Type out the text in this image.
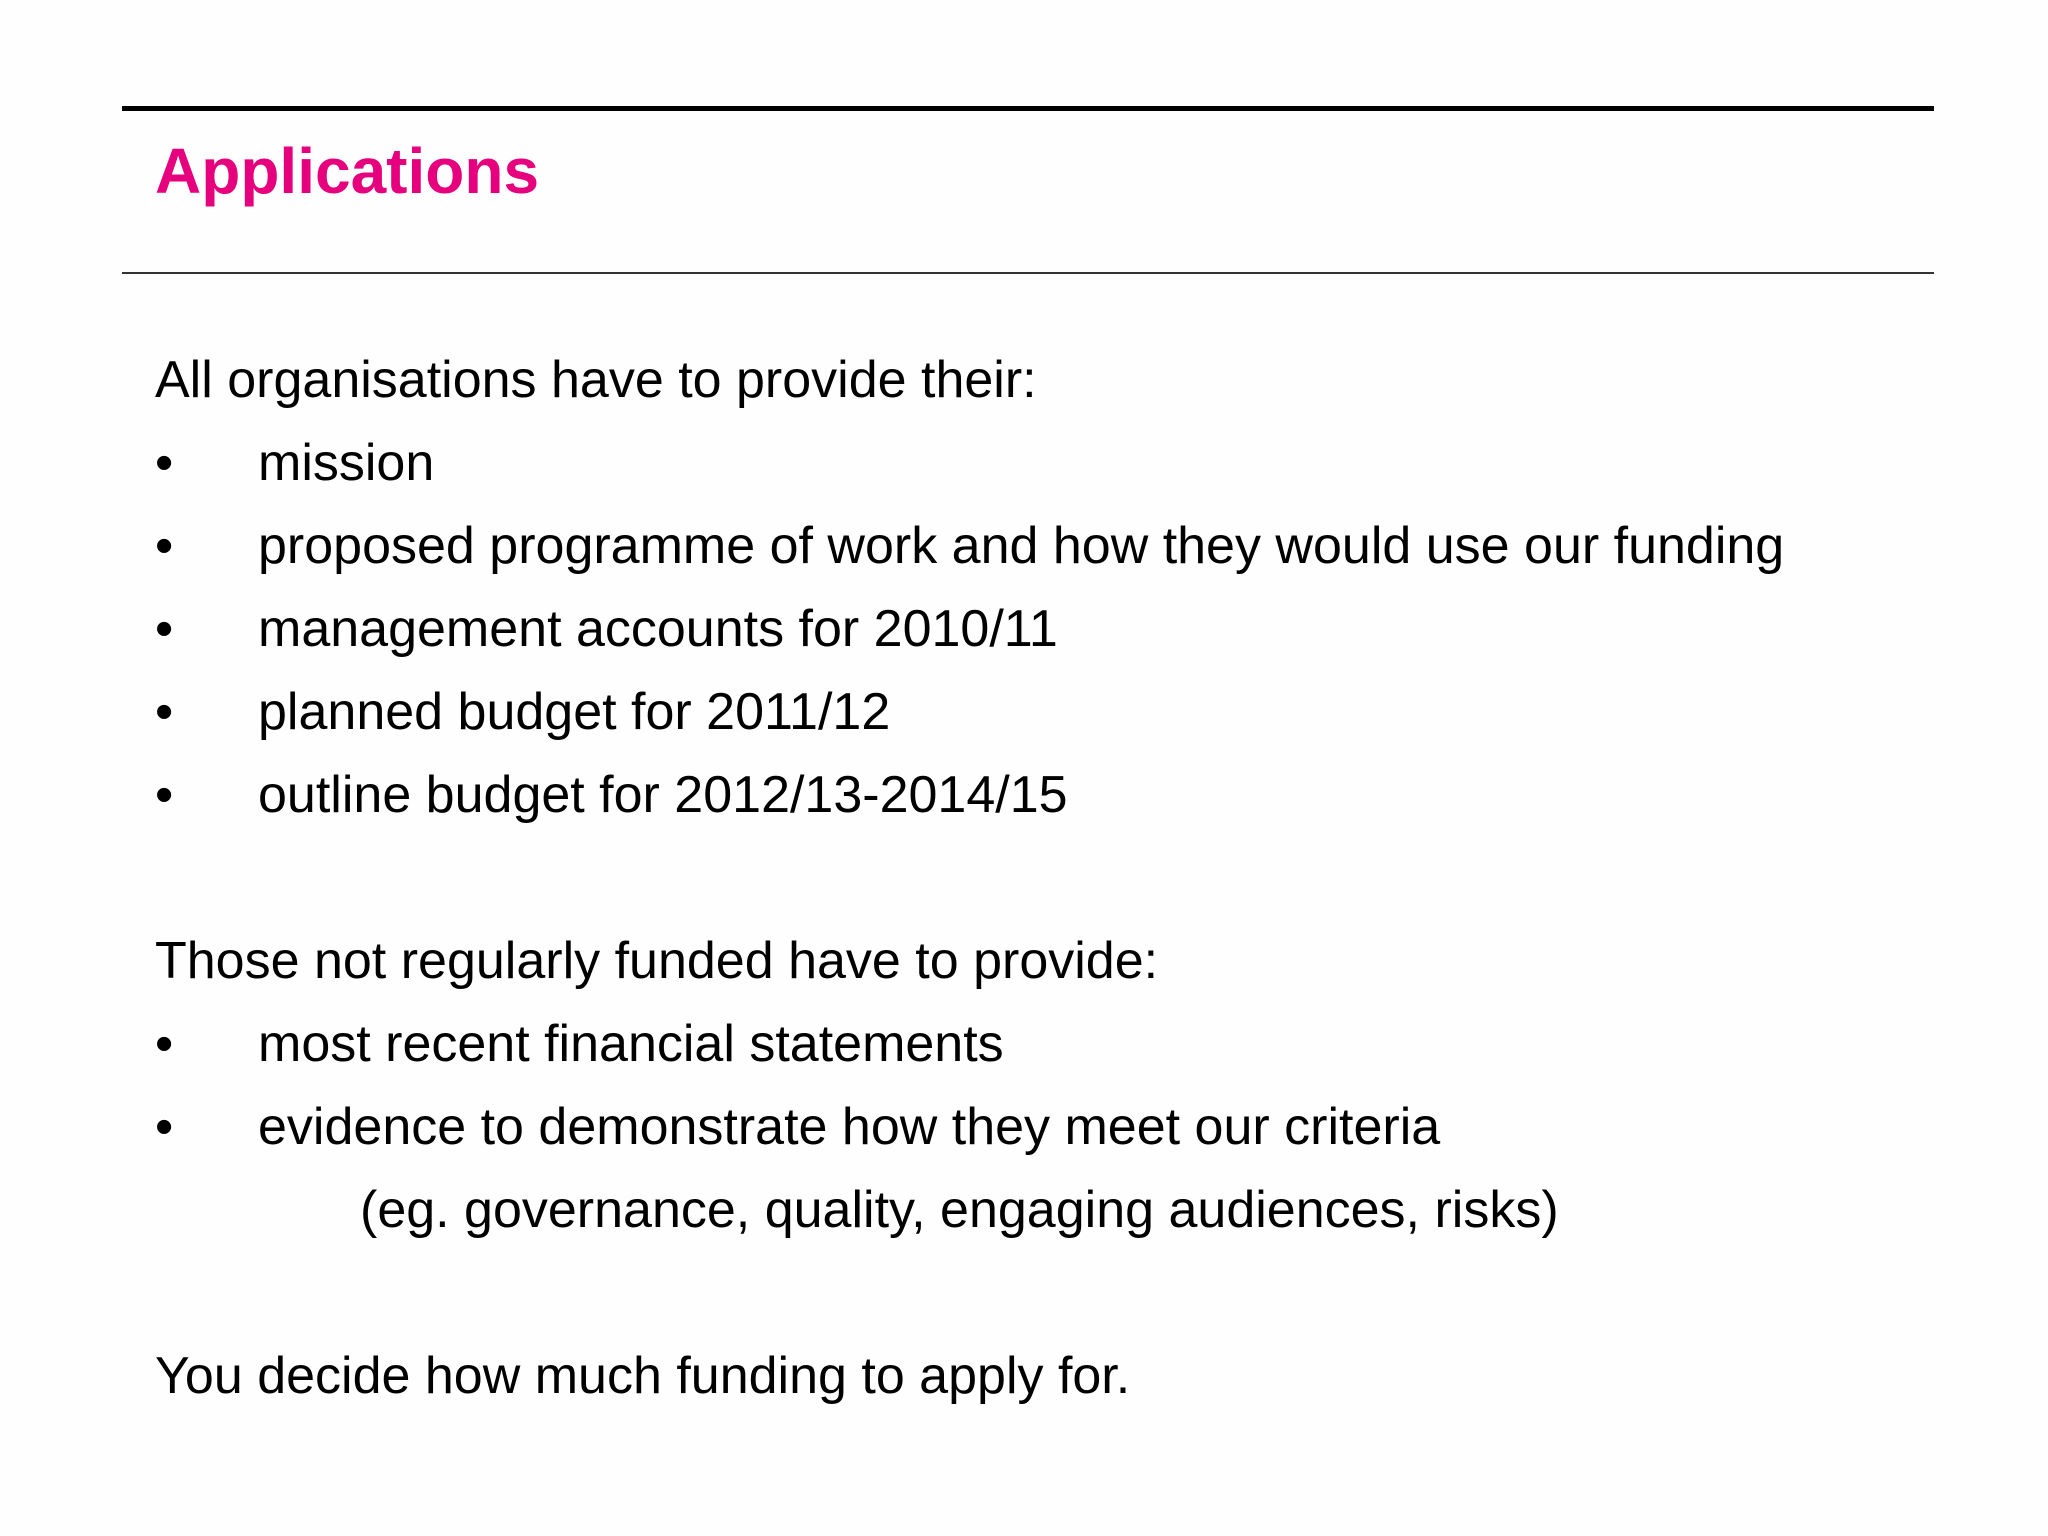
Applications
All organisations have to provide their:
• mission
• proposed programme of work and how they would use our funding
• management accounts for 2010/11
• planned budget for 2011/12
• outline budget for 2012/13-2014/15
Those not regularly funded have to provide:
• most recent financial statements
• evidence to demonstrate how they meet our criteria
(eg. governance, quality, engaging audiences, risks)
You decide how much funding to apply for.
